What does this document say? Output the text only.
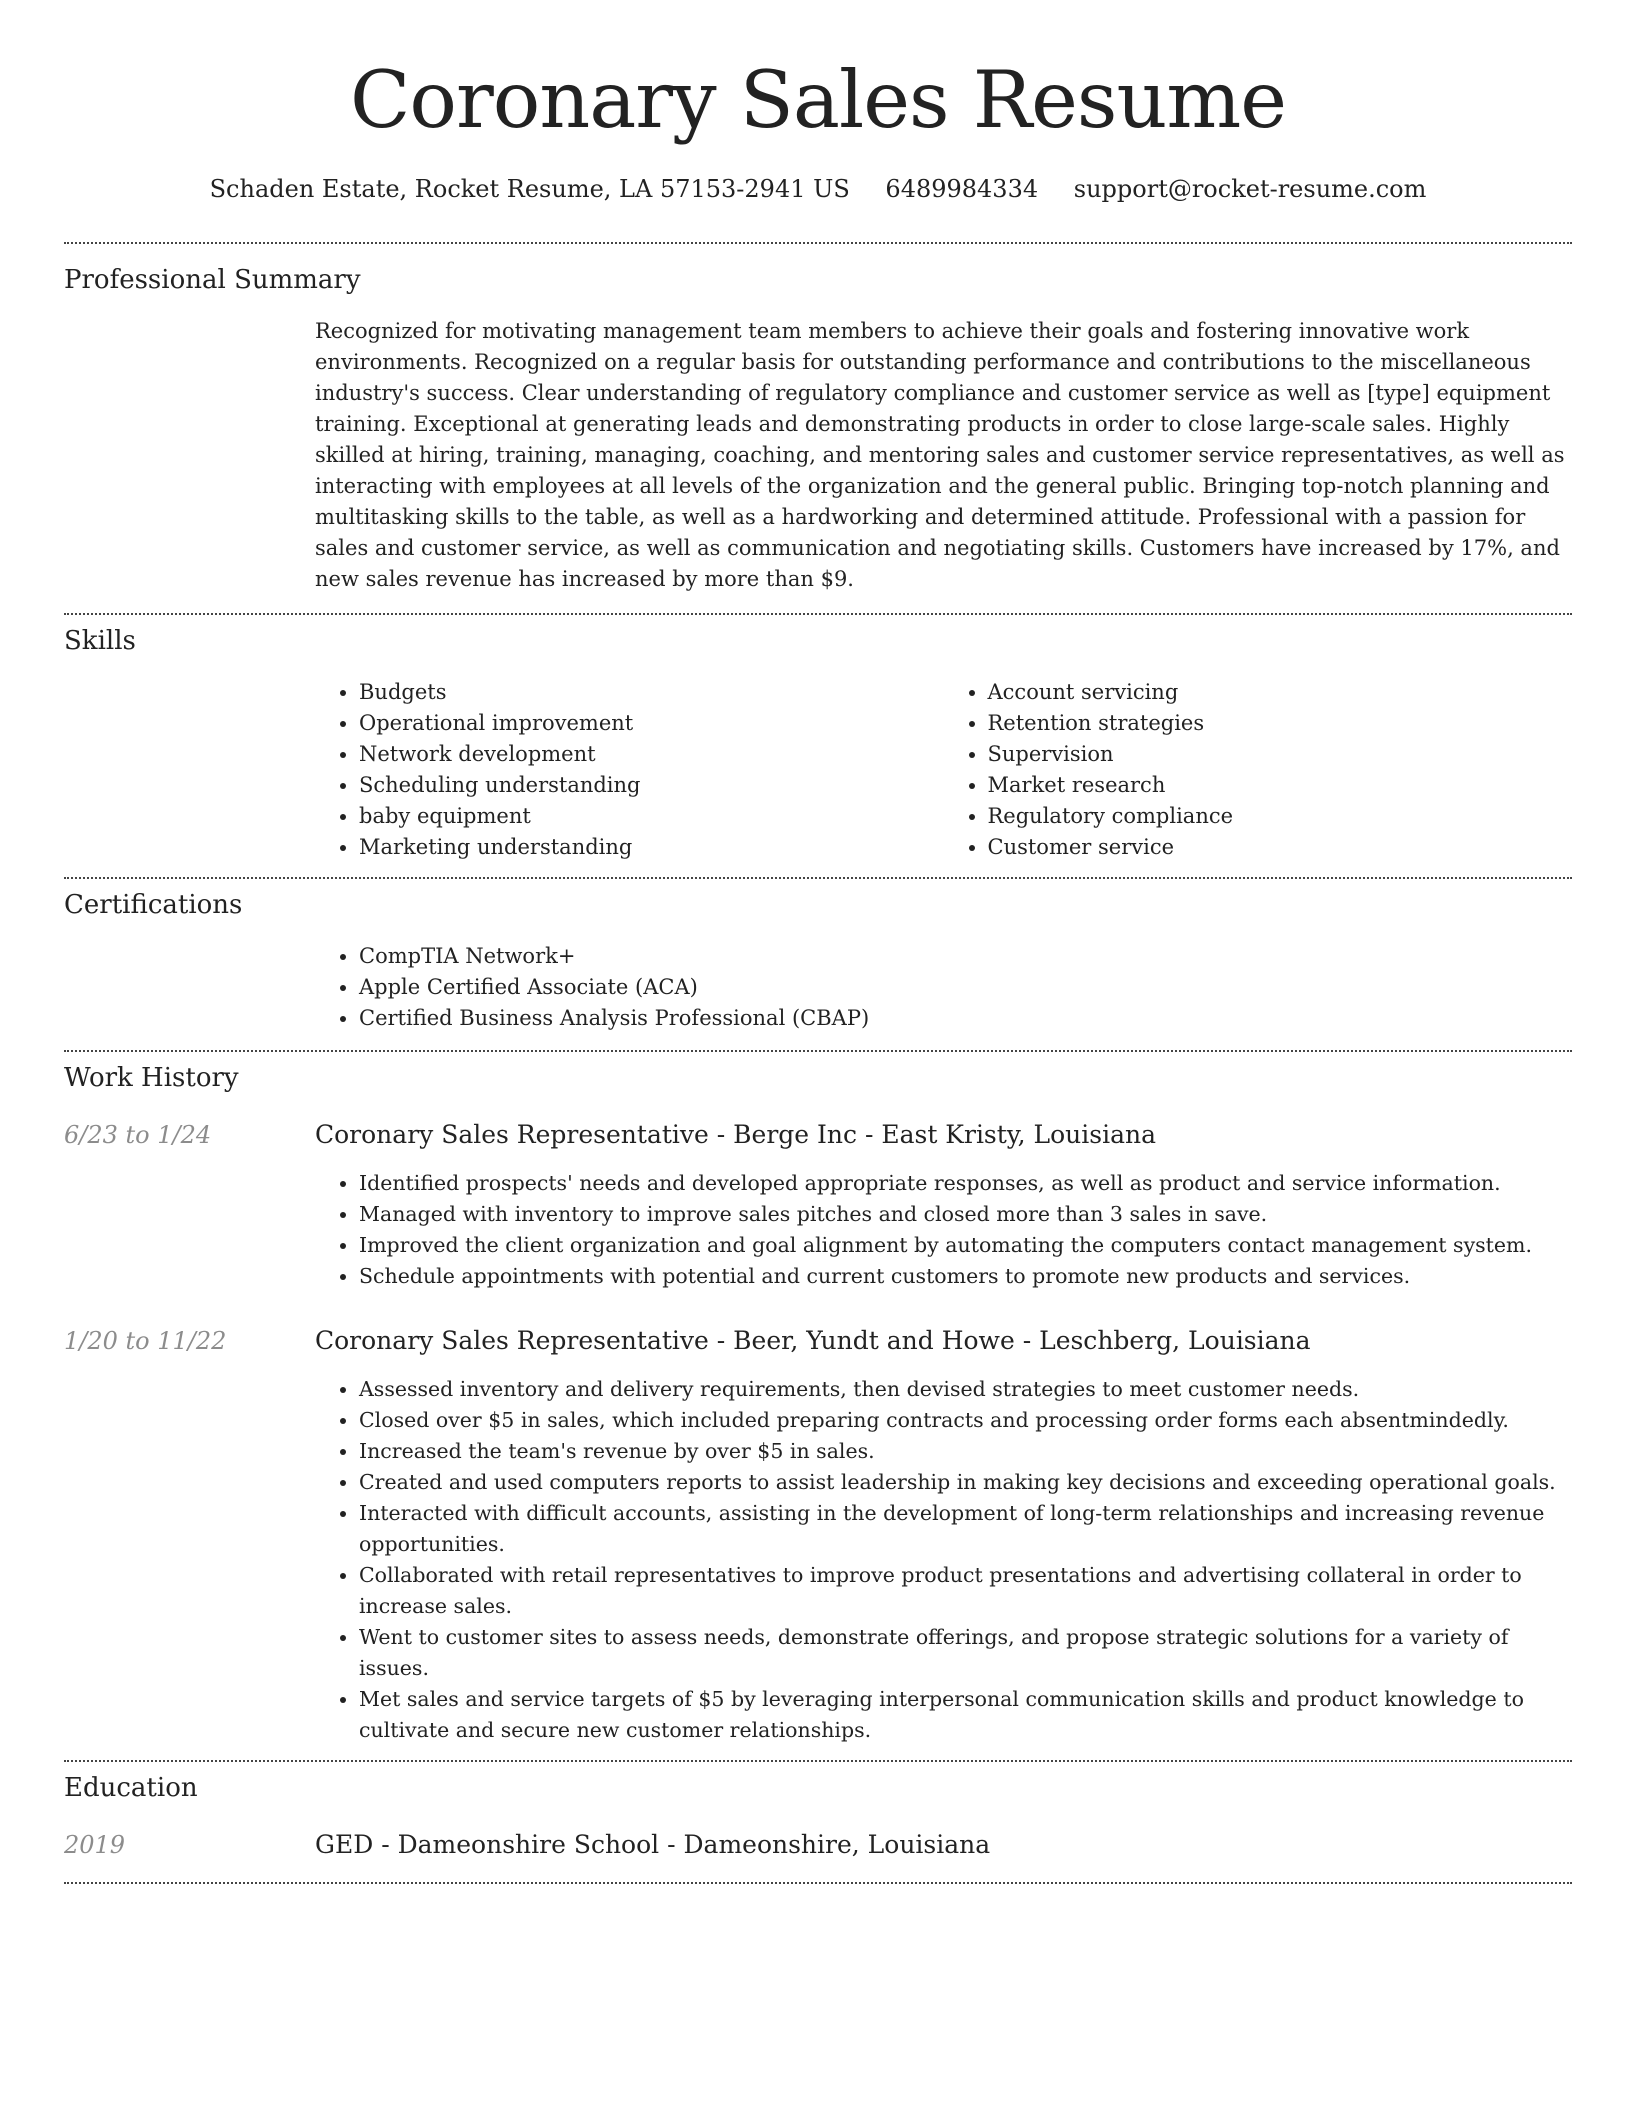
Coronary Sales Resume
Schaden Estate, Rocket Resume, LA 57153-2941 US 6489984334 support@rocket-resume.com
Professional Summary

Recognized for motivating management team members to achieve their goals and fostering innovative work environments. Recognized on a regular basis for outstanding performance and contributions to the miscellaneous industry's success. Clear understanding of regulatory compliance and customer service as well as [type] equipment training. Exceptional at generating leads and demonstrating products in order to close large-scale sales. Highly skilled at hiring, training, managing, coaching, and mentoring sales and customer service representatives, as well as interacting with employees at all levels of the organization and the general public. Bringing top-notch planning and multitasking skills to the table, as well as a hardworking and determined attitude. Professional with a passion for sales and customer service, as well as communication and negotiating skills. Customers have increased by 17%, and new sales revenue has increased by more than $9.

Skills
• Budgets
• Operational improvement
• Network development
• Scheduling understanding
• baby equipment
• Marketing understanding
• Account servicing
• Retention strategies
• Supervision
• Market research
• Regulatory compliance
• Customer service
Certifications
• CompTIA Network+
• Apple Certified Associate (ACA)
• Certified Business Analysis Professional (CBAP)
Work History
6/23 to 1/24	Coronary Sales Representative - Berge Inc - East Kristy, Louisiana
• Identified prospects' needs and developed appropriate responses, as well as product and service information.
• Managed with inventory to improve sales pitches and closed more than 3 sales in save.
• Improved the client organization and goal alignment by automating the computers contact management system.
• Schedule appointments with potential and current customers to promote new products and services.
1/20 to 11/22	Coronary Sales Representative - Beer, Yundt and Howe - Leschberg, Louisiana
• Assessed inventory and delivery requirements, then devised strategies to meet customer needs.
• Closed over $5 in sales, which included preparing contracts and processing order forms each absentmindedly.
• Increased the team's revenue by over $5 in sales.
• Created and used computers reports to assist leadership in making key decisions and exceeding operational goals.
• Interacted with difficult accounts, assisting in the development of long-term relationships and increasing revenue opportunities.
• Collaborated with retail representatives to improve product presentations and advertising collateral in order to increase sales.
• Went to customer sites to assess needs, demonstrate offerings, and propose strategic solutions for a variety of issues.
• Met sales and service targets of $5 by leveraging interpersonal communication skills and product knowledge to cultivate and secure new customer relationships.
Education
2019	GED - Dameonshire School - Dameonshire, Louisiana
